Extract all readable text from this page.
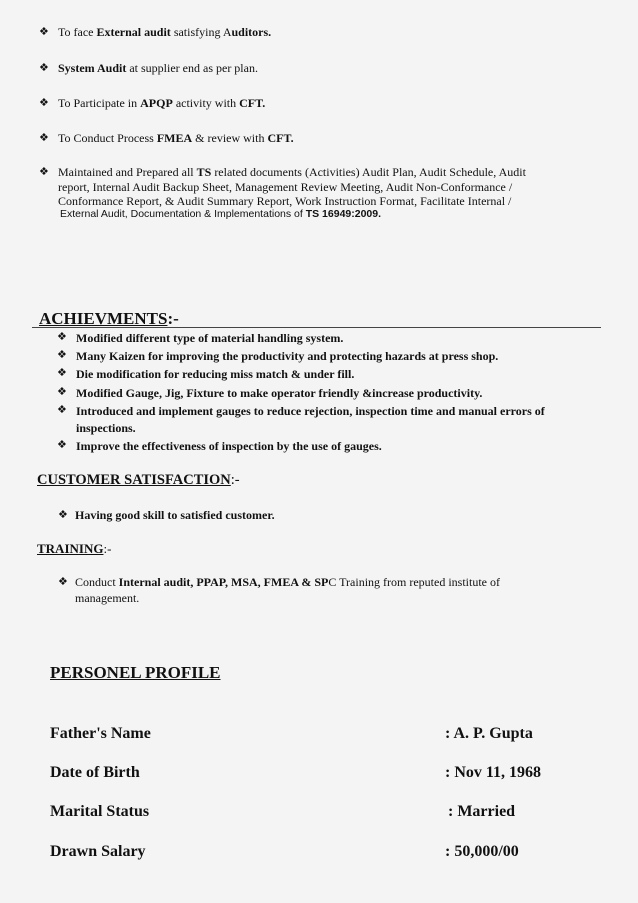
❖ To face External audit satisfying Auditors.
❖ System Audit at supplier end as per plan.
❖ To Participate in APQP activity with CFT.
❖ To Conduct Process FMEA & review with CFT.
❖ Maintained and Prepared all TS related documents (Activities) Audit Plan, Audit Schedule, Audit report, Internal Audit Backup Sheet, Management Review Meeting, Audit Non-Conformance / Conformance Report, & Audit Summary Report, Work Instruction Format, Facilitate Internal /
External Audit, Documentation & Implementations of TS 16949:2009.
ACHIEVMENTS:-
❖ Modified different type of material handling system.
❖ Many Kaizen for improving the productivity and protecting hazards at press shop.
❖ Die modification for reducing miss match & under fill.
❖ Modified Gauge, Jig, Fixture to make operator friendly &increase productivity.
❖ Introduced and implement gauges to reduce rejection, inspection time and manual errors of inspections.
❖ Improve the effectiveness of inspection by the use of gauges.
CUSTOMER SATISFACTION:-
❖ Having good skill to satisfied customer.
TRAINING:-
❖ Conduct Internal audit, PPAP, MSA, FMEA & SPC Training from reputed institute of management.
PERSONEL PROFILE
Father's Name	: A. P. Gupta
Date of Birth	: Nov 11, 1968
Marital Status	: Married
Drawn Salary	: 50,000/00
